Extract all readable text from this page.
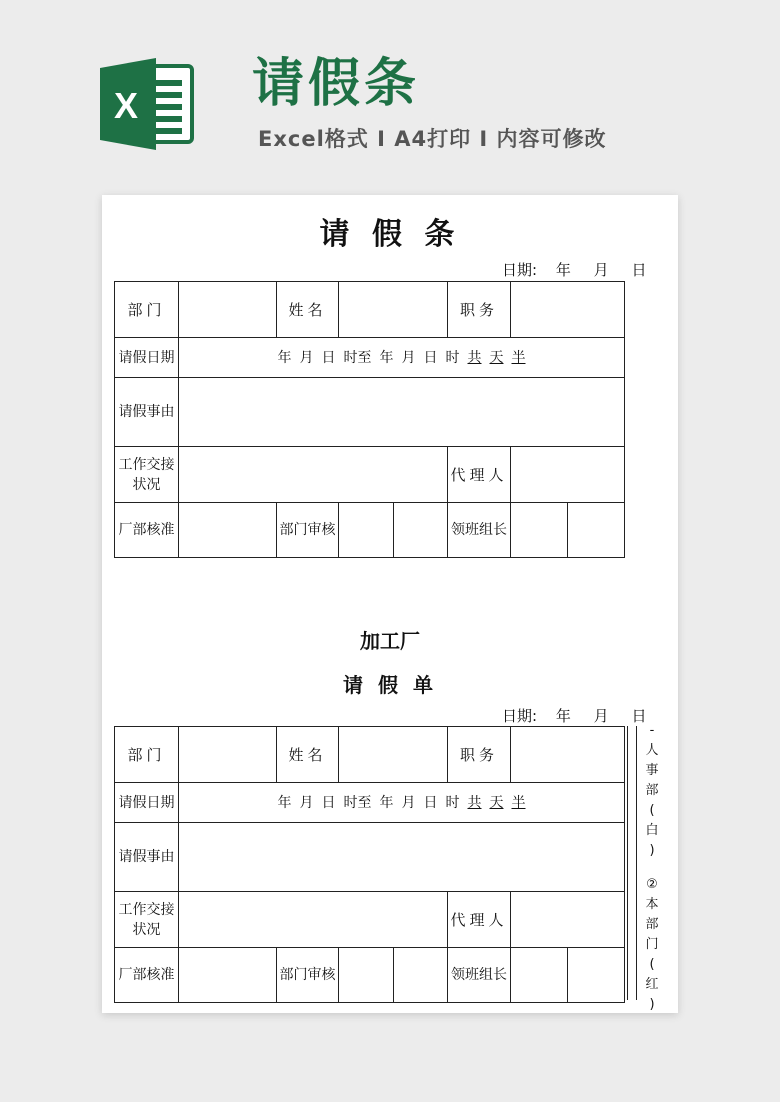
X 请假条
Excel格式 I A4打印 I 内容可修改
请 假 条
日期: 年 月 日
部门		姓名			职务		
请假日期	年 月 日 时至 年 月 日 时 共 天 半						
请假事由							

工作交接
状况					代理人		
厂部核准		部门审核			领班组长		
加工厂
请 假 单
日期: 年 月 日
部门		姓名			职务		
请假日期	年 月 日 时至 年 月 日 时 共 天 半						
请假事由							

工作交接
状况					代理人		
厂部核准		部门审核			领班组长		
-
人
事
部
(
白
)
②
本
部
门
(
红
)
